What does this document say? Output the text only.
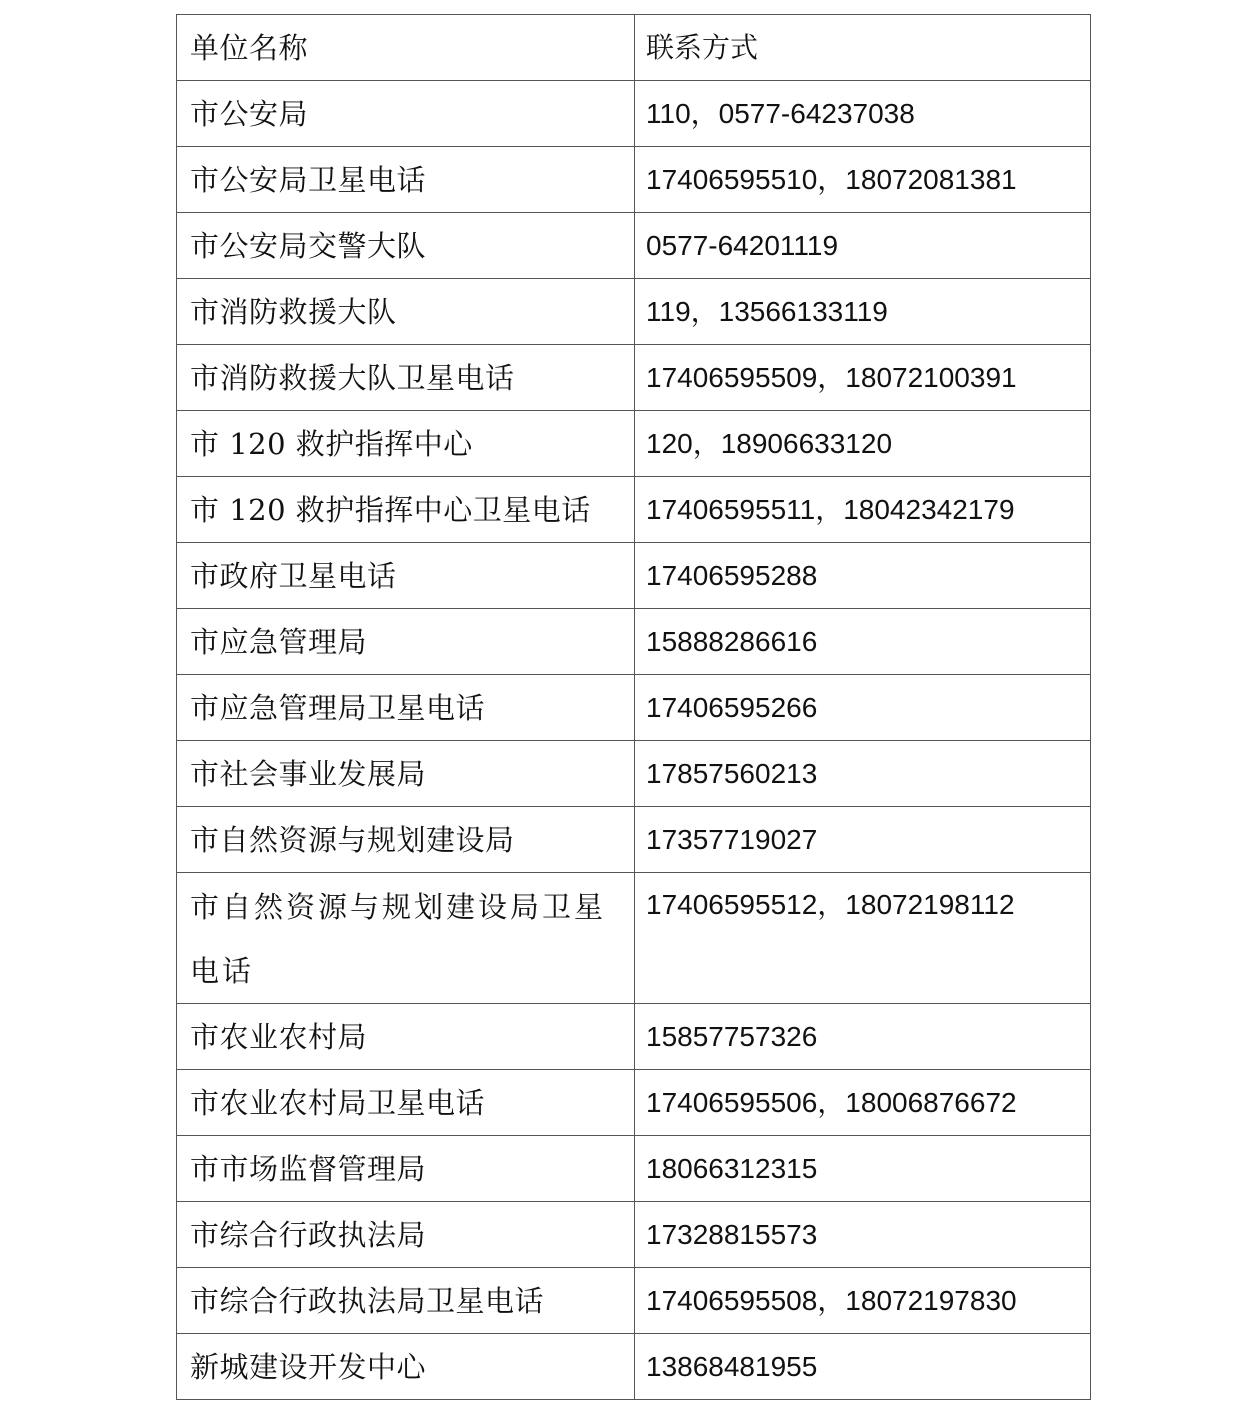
单位名称	联系方式
市公安局	110，0577-64237038
市公安局卫星电话	17406595510，18072081381
市公安局交警大队	0577-64201119
市消防救援大队	119，13566133119
市消防救援大队卫星电话	17406595509，18072100391
市 120 救护指挥中心	120，18906633120
市 120 救护指挥中心卫星电话	17406595511，18042342179
市政府卫星电话	17406595288
市应急管理局	15888286616
市应急管理局卫星电话	17406595266
市社会事业发展局	17857560213
市自然资源与规划建设局	17357719027
市自然资源与规划建设局卫星电话	17406595512，18072198112
市农业农村局	15857757326
市农业农村局卫星电话	17406595506，18006876672
市市场监督管理局	18066312315
市综合行政执法局	17328815573
市综合行政执法局卫星电话	17406595508，18072197830
新城建设开发中心	13868481955
